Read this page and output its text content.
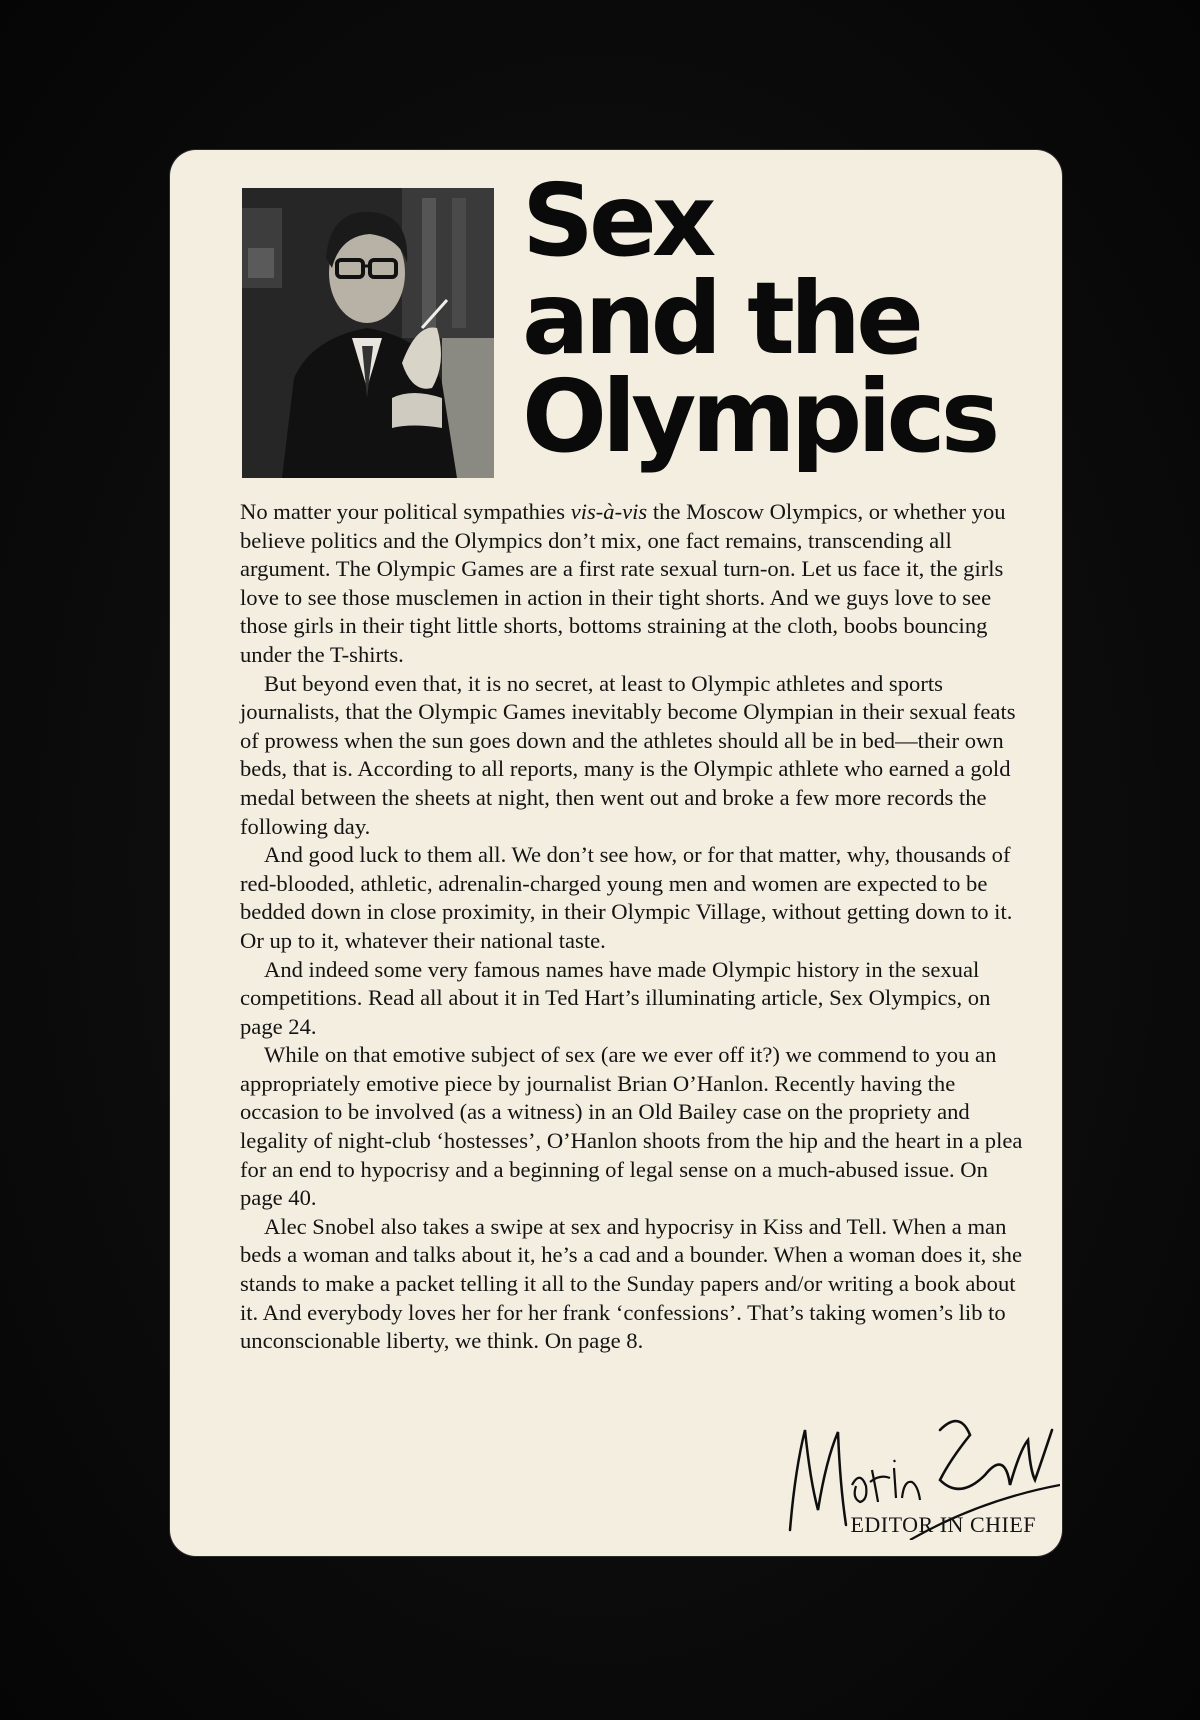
Sex
and the
Olympics

No matter your political sympathies vis-à-vis the Moscow Olympics, or whether you believe politics and the Olympics don’t mix, one fact remains, transcending all argument. The Olympic Games are a first rate sexual turn-on. Let us face it, the girls love to see those musclemen in action in their tight shorts. And we guys love to see those girls in their tight little shorts, bottoms straining at the cloth, boobs bouncing under the T-shirts.

But beyond even that, it is no secret, at least to Olympic athletes and sports journalists, that the Olympic Games inevitably become Olympian in their sexual feats of prowess when the sun goes down and the athletes should all be in bed—their own beds, that is. According to all reports, many is the Olympic athlete who earned a gold medal between the sheets at night, then went out and broke a few more records the following day.

And good luck to them all. We don’t see how, or for that matter, why, thousands of red-blooded, athletic, adrenalin-charged young men and women are expected to be bedded down in close proximity, in their Olympic Village, without getting down to it. Or up to it, whatever their national taste.

And indeed some very famous names have made Olympic history in the sexual competitions. Read all about it in Ted Hart’s illuminating article, Sex Olympics, on page 24.

While on that emotive subject of sex (are we ever off it?) we commend to you an appropriately emotive piece by journalist Brian O’Hanlon. Recently having the occasion to be involved (as a witness) in an Old Bailey case on the propriety and legality of night-club ‘hostesses’, O’Hanlon shoots from the hip and the heart in a plea for an end to hypocrisy and a beginning of legal sense on a much-abused issue. On page 40.

Alec Snobel also takes a swipe at sex and hypocrisy in Kiss and Tell. When a man beds a woman and talks about it, he’s a cad and a bounder. When a woman does it, she stands to make a packet telling it all to the Sunday papers and/or writing a book about it. And everybody loves her for her frank ‘confessions’. That’s taking women’s lib to unconscionable liberty, we think. On page 8.

EDITOR IN CHIEF
